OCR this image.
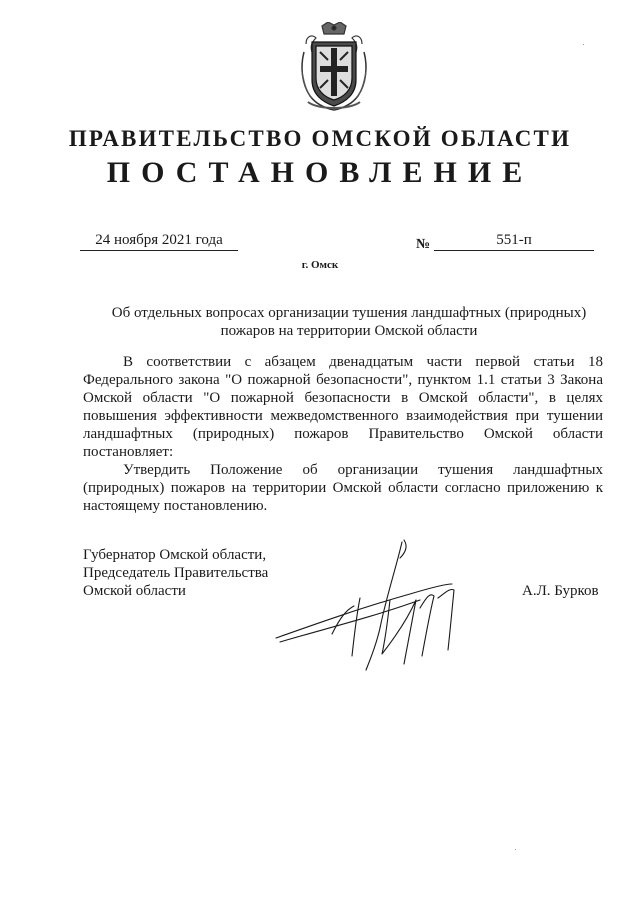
ПРАВИТЕЛЬСТВО ОМСКОЙ ОБЛАСТИ
ПОСТАНОВЛЕНИЕ
24 ноября 2021 года	№	551-п
г. Омск
Об отдельных вопросах организации тушения ландшафтных (природных)
пожаров на территории Омской области

В соответствии с абзацем двенадцатым части первой статьи 18 Федерального закона "О пожарной безопасности", пунктом 1.1 статьи 3 Закона Омской области "О пожарной безопасности в Омской области", в целях повышения эффективности межведомственного взаимодействия при тушении ландшафтных (природных) пожаров Правительство Омской области постановляет:

Утвердить Положение об организации тушения ландшафтных (природных) пожаров на территории Омской области согласно приложению к настоящему постановлению.

Губернатор Омской области,
Председатель Правительства
Омской области	А.Л. Бурков
